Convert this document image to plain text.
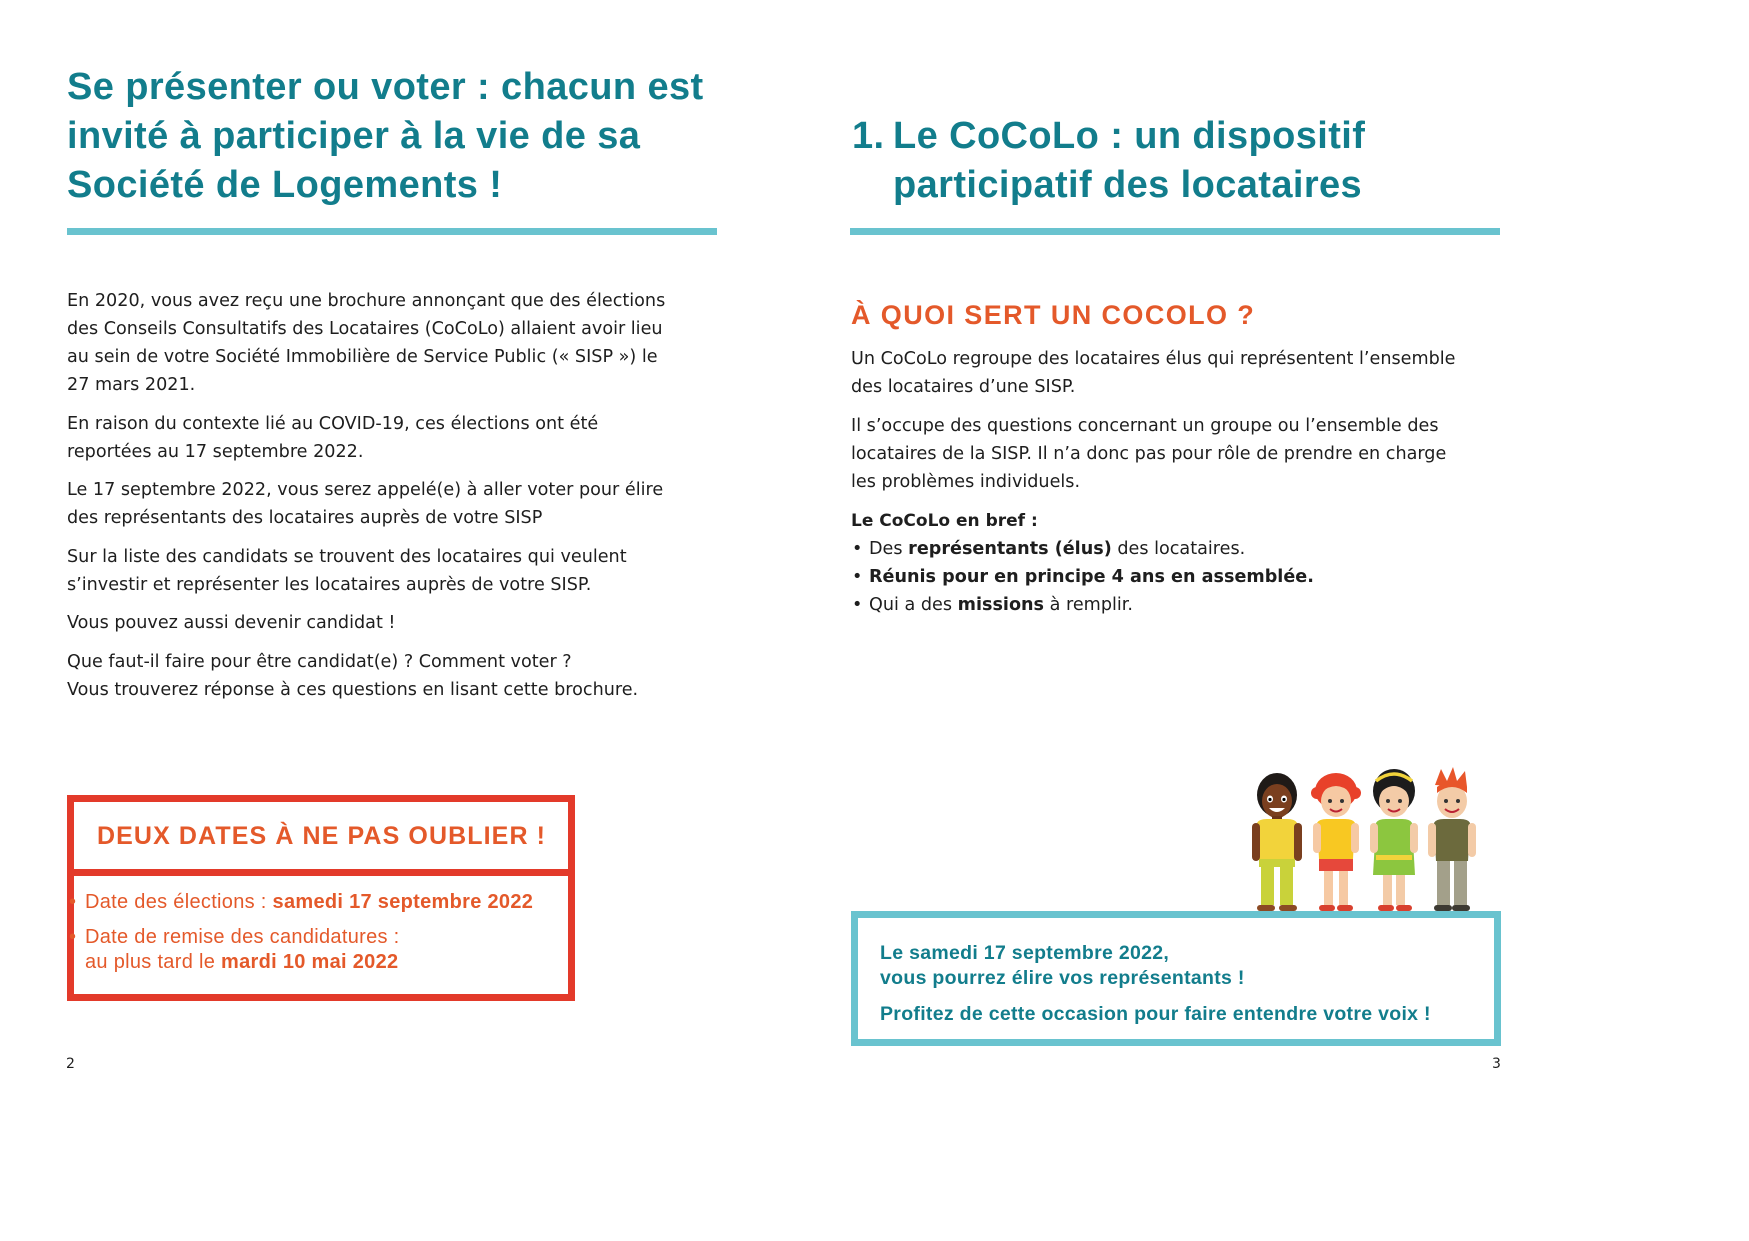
Se présenter ou voter : chacun est
invité à participer à la vie de sa
Société de Logements !

En 2020, vous avez reçu une brochure annonçant que des élections
des Conseils Consultatifs des Locataires (CoCoLo) allaient avoir lieu
au sein de votre Société Immobilière de Service Public (« SISP ») le
27 mars 2021.

En raison du contexte lié au COVID-19, ces élections ont été
reportées au 17 septembre 2022.

Le 17 septembre 2022, vous serez appelé(e) à aller voter pour élire
des représentants des locataires auprès de votre SISP

Sur la liste des candidats se trouvent des locataires qui veulent
s’investir et représenter les locataires auprès de votre SISP.

Vous pouvez aussi devenir candidat !

Que faut-il faire pour être candidat(e) ? Comment voter ?
Vous trouverez réponse à ces questions en lisant cette brochure.

DEUX DATES À NE PAS OUBLIER !
• Date des élections : samedi 17 septembre 2022
• Date de remise des candidatures :
au plus tard le mardi 10 mai 2022
2
1. Le CoCoLo : un dispositif
participatif des locataires
À QUOI SERT UN COCOLO ?

Un CoCoLo regroupe des locataires élus qui représentent l’ensemble
des locataires d’une SISP.

Il s’occupe des questions concernant un groupe ou l’ensemble des
locataires de la SISP. Il n’a donc pas pour rôle de prendre en charge
les problèmes individuels.

Le CoCoLo en bref :

• Des représentants (élus) des locataires.
• Réunis pour en principe 4 ans en assemblée.
• Qui a des missions à remplir.

Le samedi 17 septembre 2022,
vous pourrez élire vos représentants !

Profitez de cette occasion pour faire entendre votre voix !

3
